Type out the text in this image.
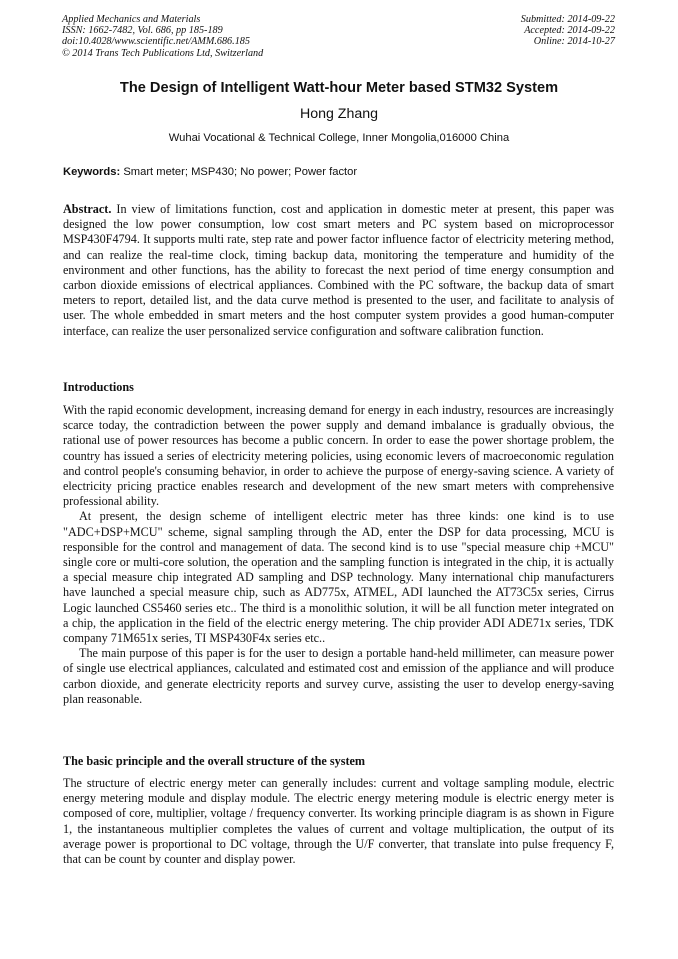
Applied Mechanics and Materials
ISSN: 1662-7482, Vol. 686, pp 185-189
doi:10.4028/www.scientific.net/AMM.686.185
© 2014 Trans Tech Publications Ltd, Switzerland
Submitted: 2014-09-22
Accepted: 2014-09-22
Online: 2014-10-27
The Design of Intelligent Watt-hour Meter based STM32 System
Hong Zhang
Wuhai Vocational & Technical College, Inner Mongolia,016000 China
Keywords: Smart meter; MSP430; No power; Power factor

Abstract. In view of limitations function, cost and application in domestic meter at present, this paper was designed the low power consumption, low cost smart meters and PC system based on microprocessor MSP430F4794. It supports multi rate, step rate and power factor influence factor of electricity metering method, and can realize the real-time clock, timing backup data, monitoring the temperature and humidity of the environment and other functions, has the ability to forecast the next period of time energy consumption and carbon dioxide emissions of electrical appliances. Combined with the PC software, the backup data of smart meters to report, detailed list, and the data curve method is presented to the user, and facilitate to analysis of user. The whole embedded in smart meters and the host computer system provides a good human-computer interface, can realize the user personalized service configuration and software calibration function.

Introductions

With the rapid economic development, increasing demand for energy in each industry, resources are increasingly scarce today, the contradiction between the power supply and demand imbalance is gradually obvious, the rational use of power resources has become a public concern. In order to ease the power shortage problem, the country has issued a series of electricity metering policies, using economic levers of macroeconomic regulation and control people's consuming behavior, in order to achieve the purpose of energy-saving science. A variety of electricity pricing practice enables research and development of the new smart meters with comprehensive professional ability.

At present, the design scheme of intelligent electric meter has three kinds: one kind is to use "ADC+DSP+MCU" scheme, signal sampling through the AD, enter the DSP for data processing, MCU is responsible for the control and management of data. The second kind is to use "special measure chip +MCU" single core or multi-core solution, the operation and the sampling function is integrated in the chip, it is actually a special measure chip integrated AD sampling and DSP technology. Many international chip manufacturers have launched a special measure chip, such as AD775x, ATMEL, ADI launched the AT73C5x series, Cirrus Logic launched CS5460 series etc.. The third is a monolithic solution, it will be all function meter integrated on a chip, the application in the field of the electric energy metering. The chip provider ADI ADE71x series, TDK company 71M651x series, TI MSP430F4x series etc..

The main purpose of this paper is for the user to design a portable hand-held millimeter, can measure power of single use electrical appliances, calculated and estimated cost and emission of the appliance and will produce carbon dioxide, and generate electricity reports and survey curve, assisting the user to develop energy-saving plan reasonable.

The basic principle and the overall structure of the system

The structure of electric energy meter can generally includes: current and voltage sampling module, electric energy metering module and display module. The electric energy metering module is electric energy meter is composed of core, multiplier, voltage / frequency converter. Its working principle diagram is as shown in Figure 1, the instantaneous multiplier completes the values of current and voltage multiplication, the output of its average power is proportional to DC voltage, through the U/F converter, that translate into pulse frequency F, that can be count by counter and display power.
